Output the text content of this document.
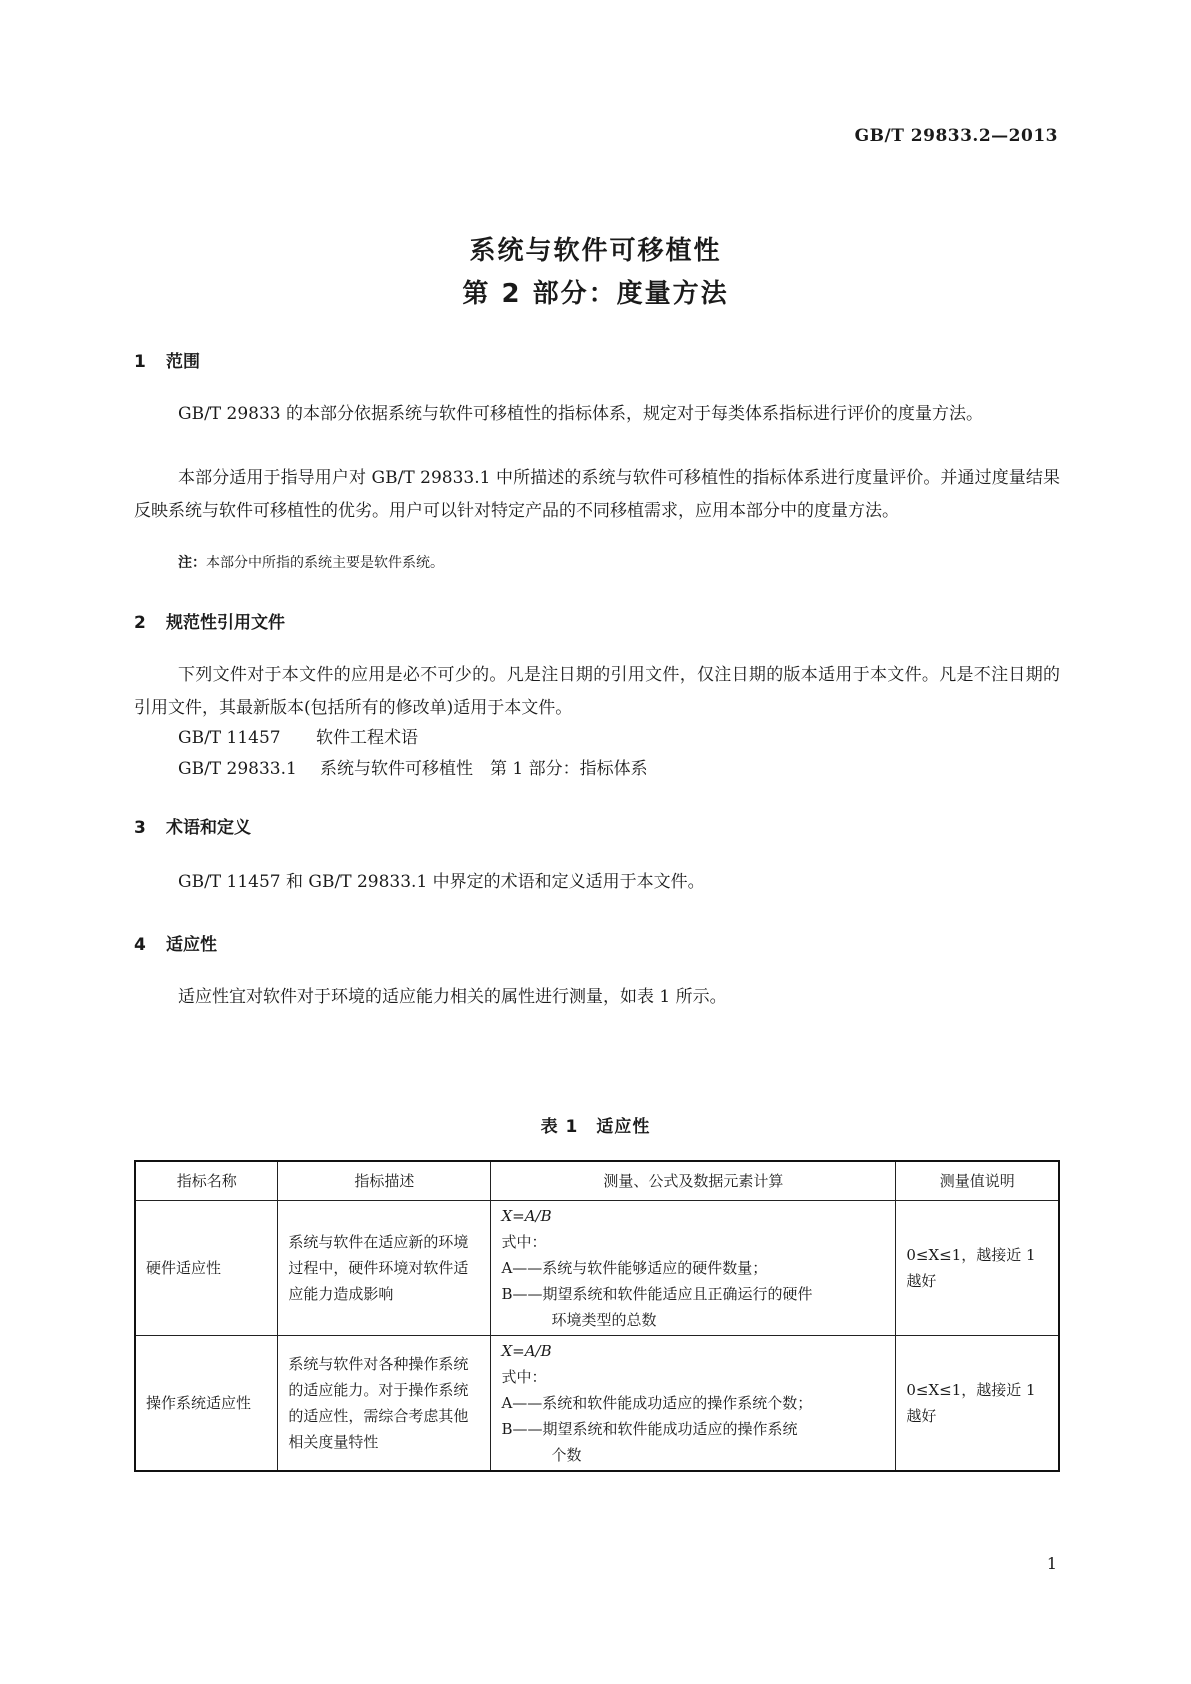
GB/T 29833.2—2013
系统与软件可移植性
第 2 部分：度量方法
1 范围
GB/T 29833 的本部分依据系统与软件可移植性的指标体系，规定对于每类体系指标进行评价的度量方法。
本部分适用于指导用户对 GB/T 29833.1 中所描述的系统与软件可移植性的指标体系进行度量评价。并通过度量结果反映系统与软件可移植性的优劣。用户可以针对特定产品的不同移植需求，应用本部分中的度量方法。
注：本部分中所指的系统主要是软件系统。
2 规范性引用文件
下列文件对于本文件的应用是必不可少的。凡是注日期的引用文件，仅注日期的版本适用于本文件。凡是不注日期的引用文件，其最新版本(包括所有的修改单)适用于本文件。
GB/T 11457 软件工程术语
GB/T 29833.1 系统与软件可移植性　第 1 部分：指标体系
3 术语和定义
GB/T 11457 和 GB/T 29833.1 中界定的术语和定义适用于本文件。
4 适应性
适应性宜对软件对于环境的适应能力相关的属性进行测量，如表 1 所示。
表 1　适应性
指标名称	指标描述	测量、公式及数据元素计算	测量值说明
硬件适应性	系统与软件在适应新的环境过程中，硬件环境对软件适应能力造成影响	X=A/B
式中：
A——系统与软件能够适应的硬件数量；
B——期望系统和软件能适应且正确运行的硬件
环境类型的总数	0≤X≤1，越接近 1 越好
操作系统适应性	系统与软件对各种操作系统的适应能力。对于操作系统的适应性，需综合考虑其他相关度量特性	X=A/B
式中：
A——系统和软件能成功适应的操作系统个数；
B——期望系统和软件能成功适应的操作系统
个数	0≤X≤1，越接近 1 越好
1
